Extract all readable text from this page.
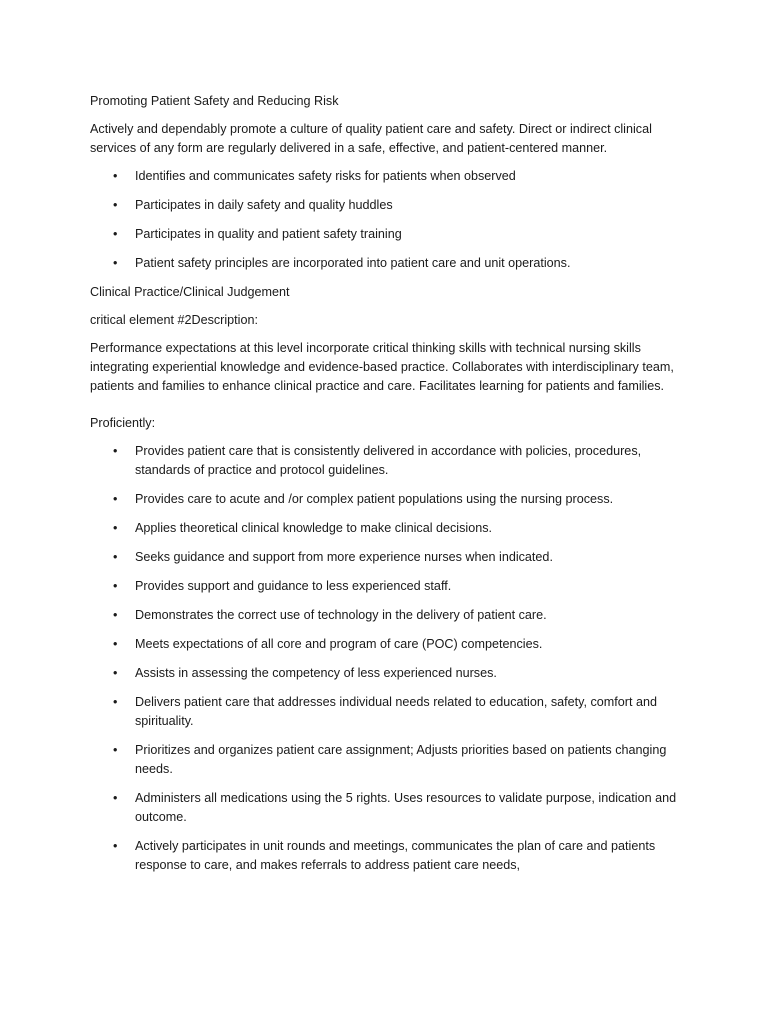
Promoting Patient Safety and Reducing Risk

Actively and dependably promote a culture of quality patient care and safety. Direct or indirect clinical services of any form are regularly delivered in a safe, effective, and patient-centered manner.

• Identifies and communicates safety risks for patients when observed
• Participates in daily safety and quality huddles
• Participates in quality and patient safety training
• Patient safety principles are incorporated into patient care and unit operations.

Clinical Practice/Clinical Judgement

critical element #2Description:

Performance expectations at this level incorporate critical thinking skills with technical nursing skills integrating experiential knowledge and evidence-based practice. Collaborates with interdisciplinary team, patients and families to enhance clinical practice and care. Facilitates learning for patients and families.

Proficiently:

• Provides patient care that is consistently delivered in accordance with policies, procedures, standards of practice and protocol guidelines.
• Provides care to acute and /or complex patient populations using the nursing process.
• Applies theoretical clinical knowledge to make clinical decisions.
• Seeks guidance and support from more experience nurses when indicated.
• Provides support and guidance to less experienced staff.
• Demonstrates the correct use of technology in the delivery of patient care.
• Meets expectations of all core and program of care (POC) competencies.
• Assists in assessing the competency of less experienced nurses.
• Delivers patient care that addresses individual needs related to education, safety, comfort and spirituality.
• Prioritizes and organizes patient care assignment; Adjusts priorities based on patients changing needs.
• Administers all medications using the 5 rights. Uses resources to validate purpose, indication and outcome.
• Actively participates in unit rounds and meetings, communicates the plan of care and patients response to care, and makes referrals to address patient care needs,
